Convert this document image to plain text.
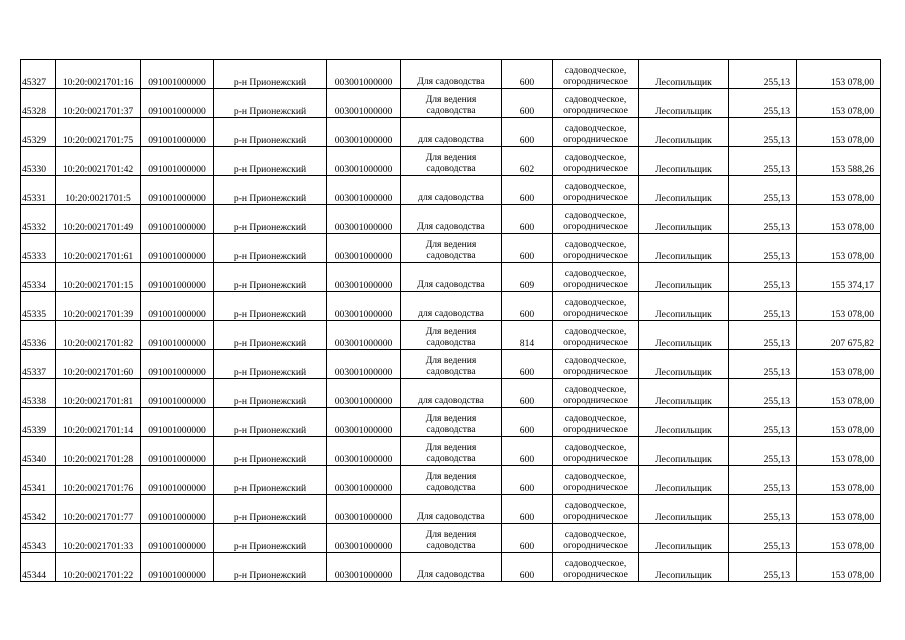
45327	10:20:0021701:16	091001000000	р-н Прионежский	003001000000	Для садоводства	600	садоводческое, огородническое	Лесопильщик	255,13	153 078,00
45328	10:20:0021701:37	091001000000	р-н Прионежский	003001000000	Для ведения садоводства	600	садоводческое, огородническое	Лесопильщик	255,13	153 078,00
45329	10:20:0021701:75	091001000000	р-н Прионежский	003001000000	для садоводства	600	садоводческое, огородническое	Лесопильщик	255,13	153 078,00
45330	10:20:0021701:42	091001000000	р-н Прионежский	003001000000	Для ведения садоводства	602	садоводческое, огородническое	Лесопильщик	255,13	153 588,26
45331	10:20:0021701:5	091001000000	р-н Прионежский	003001000000	для садоводства	600	садоводческое, огородническое	Лесопильщик	255,13	153 078,00
45332	10:20:0021701:49	091001000000	р-н Прионежский	003001000000	Для садоводства	600	садоводческое, огородническое	Лесопильщик	255,13	153 078,00
45333	10:20:0021701:61	091001000000	р-н Прионежский	003001000000	Для ведения садоводства	600	садоводческое, огородническое	Лесопильщик	255,13	153 078,00
45334	10:20:0021701:15	091001000000	р-н Прионежский	003001000000	Для садоводства	609	садоводческое, огородническое	Лесопильщик	255,13	155 374,17
45335	10:20:0021701:39	091001000000	р-н Прионежский	003001000000	для садоводства	600	садоводческое, огородническое	Лесопильщик	255,13	153 078,00
45336	10:20:0021701:82	091001000000	р-н Прионежский	003001000000	Для ведения садоводства	814	садоводческое, огородническое	Лесопильщик	255,13	207 675,82
45337	10:20:0021701:60	091001000000	р-н Прионежский	003001000000	Для ведения садоводства	600	садоводческое, огородническое	Лесопильщик	255,13	153 078,00
45338	10:20:0021701:81	091001000000	р-н Прионежский	003001000000	для садоводства	600	садоводческое, огородническое	Лесопильщик	255,13	153 078,00
45339	10:20:0021701:14	091001000000	р-н Прионежский	003001000000	Для ведения садоводства	600	садоводческое, огородническое	Лесопильщик	255,13	153 078,00
45340	10:20:0021701:28	091001000000	р-н Прионежский	003001000000	Для ведения садоводства	600	садоводческое, огородническое	Лесопильщик	255,13	153 078,00
45341	10:20:0021701:76	091001000000	р-н Прионежский	003001000000	Для ведения садоводства	600	садоводческое, огородническое	Лесопильщик	255,13	153 078,00
45342	10:20:0021701:77	091001000000	р-н Прионежский	003001000000	Для садоводства	600	садоводческое, огородническое	Лесопильщик	255,13	153 078,00
45343	10:20:0021701:33	091001000000	р-н Прионежский	003001000000	Для ведения садоводства	600	садоводческое, огородническое	Лесопильщик	255,13	153 078,00
45344	10:20:0021701:22	091001000000	р-н Прионежский	003001000000	Для садоводства	600	садоводческое, огородническое	Лесопильщик	255,13	153 078,00
